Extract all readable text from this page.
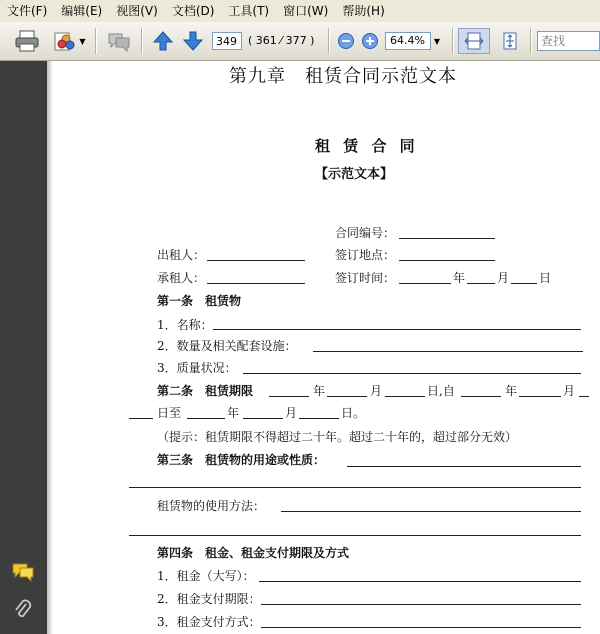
文件(F)	编辑(E)	视图(V)	文档(D)	工具(T)	窗口(W)	帮助(H)
▼	349	( 361 ⁄ 377 )	64.4%	▼	查找
第九章　租赁合同示范文本
租 赁 合 同
【示范文本】
合同编号：
出租人：	签订地点：
承租人：	签订时间：	年	月 日
第一条　租赁物
1．名称：
2．数量及相关配套设施：
3．质量状况：
第二条　租赁期限	年	月	日,自	年	月
日至	年	月	日。
（提示：租赁期限不得超过二十年。超过二十年的，超过部分无效）
第三条　租赁物的用途或性质：
租赁物的使用方法：
第四条　租金、租金支付期限及方式
1．租金（大写）：
2．租金支付期限：
3．租金支付方式：
